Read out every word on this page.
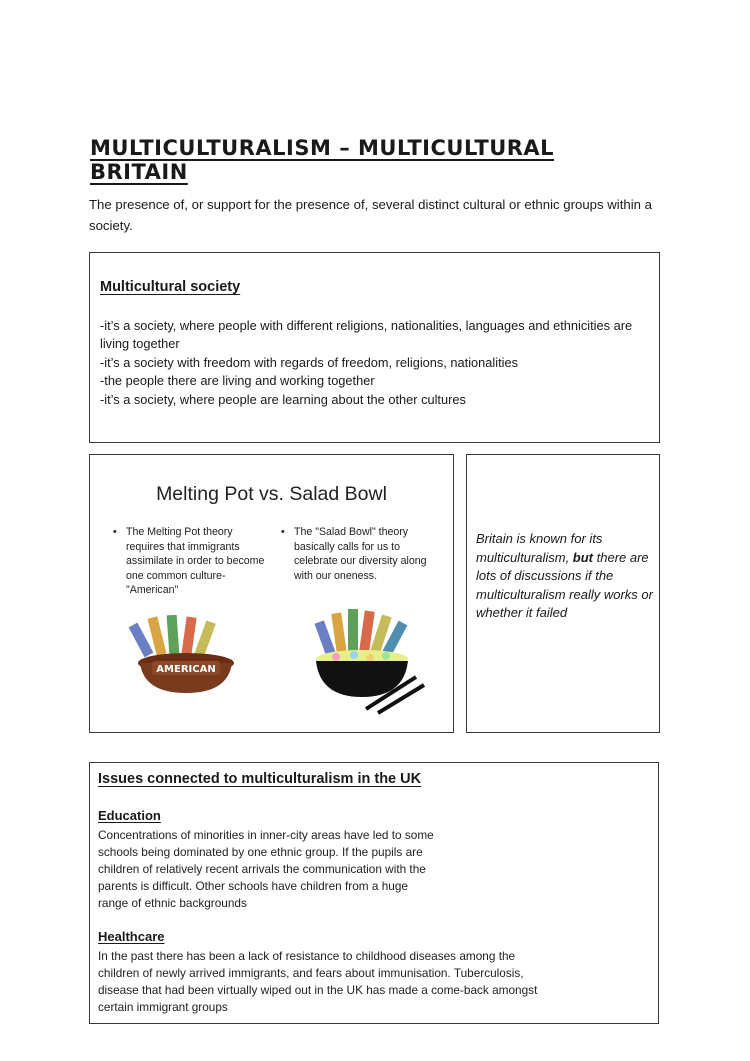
MULTICULTURALISM – MULTICULTURAL BRITAIN
The presence of, or support for the presence of, several distinct cultural or ethnic groups within a society.
Multicultural society
-it’s a society, where people with different religions, nationalities, languages and ethnicities are living together
-it’s a society with freedom with regards of freedom, religions, nationalities
-the people there are living and working together
-it’s a society, where people are learning about the other cultures
Melting Pot vs. Salad Bowl
• The Melting Pot theory requires that immigrants assimilate in order to become one common culture-"American"
• The "Salad Bowl" theory basically calls for us to celebrate our diversity along with our oneness.
AMERICAN
Britain is known for its multiculturalism, but there are lots of discussions if the multiculturalism really works or whether it failed
Issues connected to multiculturalism in the UK
Education
Concentrations of minorities in inner-city areas have led to some
schools being dominated by one ethnic group. If the pupils are
children of relatively recent arrivals the communication with the
parents is difficult. Other schools have children from a huge
range of ethnic backgrounds
Healthcare
In the past there has been a lack of resistance to childhood diseases among the
children of newly arrived immigrants, and fears about immunisation. Tuberculosis,
disease that had been virtually wiped out in the UK has made a come-back amongst
certain immigrant groups
